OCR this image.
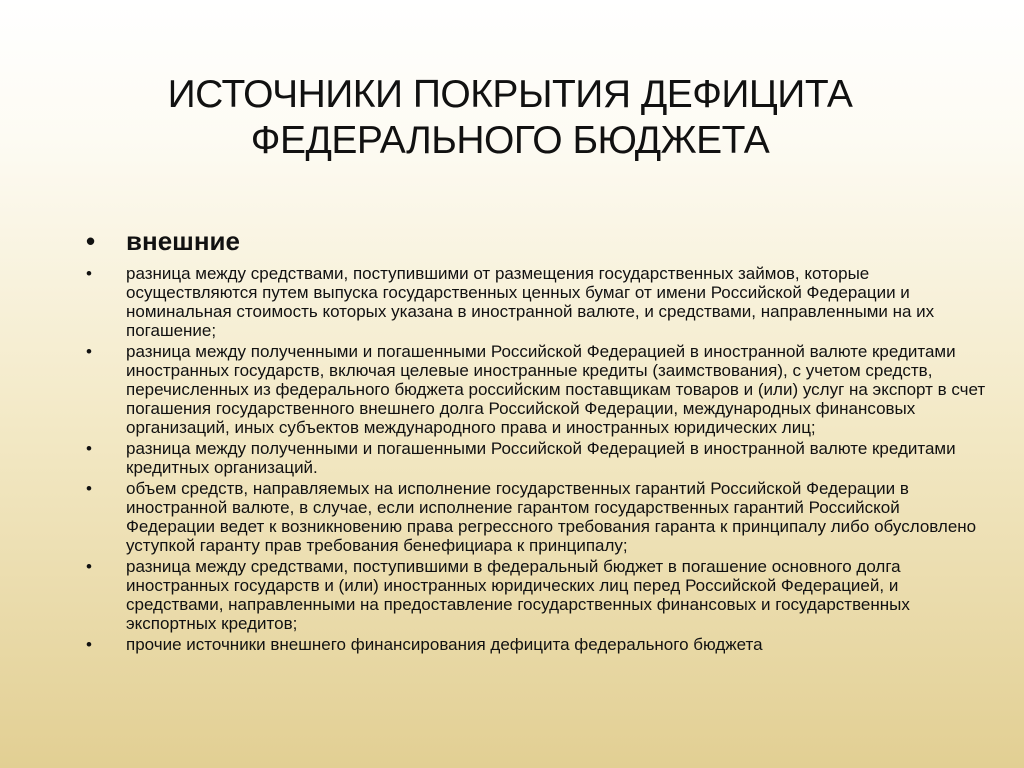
ИСТОЧНИКИ ПОКРЫТИЯ ДЕФИЦИТА ФЕДЕРАЛЬНОГО БЮДЖЕТА
• внешние
•	разница между средствами, поступившими от размещения государственных займов, которые осуществляются путем выпуска государственных ценных бумаг от имени Российской Федерации и номинальная стоимость которых указана в иностранной валюте, и средствами, направленными на их погашение;
•	разница между полученными и погашенными Российской Федерацией в иностранной валюте кредитами иностранных государств, включая целевые иностранные кредиты (заимствования), с учетом средств, перечисленных из федерального бюджета российским поставщикам товаров и (или) услуг на экспорт в счет погашения государственного внешнего долга Российской Федерации, международных финансовых организаций, иных субъектов международного права и иностранных юридических лиц;
•	разница между полученными и погашенными Российской Федерацией в иностранной валюте кредитами кредитных организаций.
•	объем средств, направляемых на исполнение государственных гарантий Российской Федерации в иностранной валюте, в случае, если исполнение гарантом государственных гарантий Российской Федерации ведет к возникновению права регрессного требования гаранта к принципалу либо обусловлено уступкой гаранту прав требования бенефициара к принципалу;
•	разница между средствами, поступившими в федеральный бюджет в погашение основного долга иностранных государств и (или) иностранных юридических лиц перед Российской Федерацией, и средствами, направленными на предоставление государственных финансовых и государственных экспортных кредитов;
•	прочие источники внешнего финансирования дефицита федерального бюджета
